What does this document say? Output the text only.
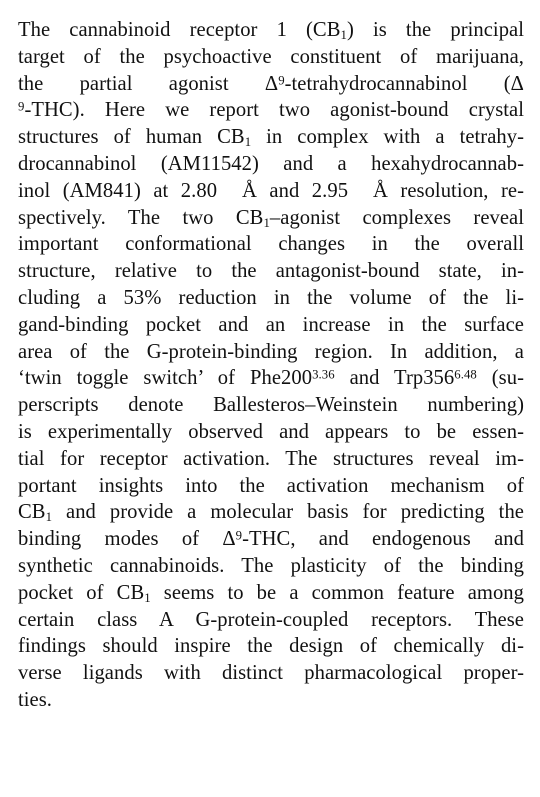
The cannabinoid receptor 1 $(CB_1)$ is the principal
target of the psychoactive constituent of marijuana,
the partial agonist $\Delta^9$-tetrahydrocannabinol (Δ
$^9$-THC). Here we report two agonist-bound crystal
structures of human $CB_1$ in complex with a tetrahy-
drocannabinol (AM11542) and a hexahydrocannab-
inol (AM841) at 2.80  Å and 2.95  Å resolution, re-
spectively. The two $CB_1$–agonist complexes reveal
important conformational changes in the overall
structure, relative to the antagonist-bound state, in-
cluding a 53% reduction in the volume of the li-
gand-binding pocket and an increase in the surface
area of the G-protein-binding region. In addition, a
‘twin toggle switch’ of $Phe200^{3.36}$ and $Trp356^{6.48}$ (su-
perscripts denote Ballesteros–Weinstein numbering)
is experimentally observed and appears to be essen-
tial for receptor activation. The structures reveal im-
portant insights into the activation mechanism of
$CB_1$ and provide a molecular basis for predicting the
binding modes of $\Delta^9$-THC, and endogenous and
synthetic cannabinoids. The plasticity of the binding
pocket of $CB_1$ seems to be a common feature among
certain class A G-protein-coupled receptors. These
findings should inspire the design of chemically di-
verse ligands with distinct pharmacological proper-
ties.
